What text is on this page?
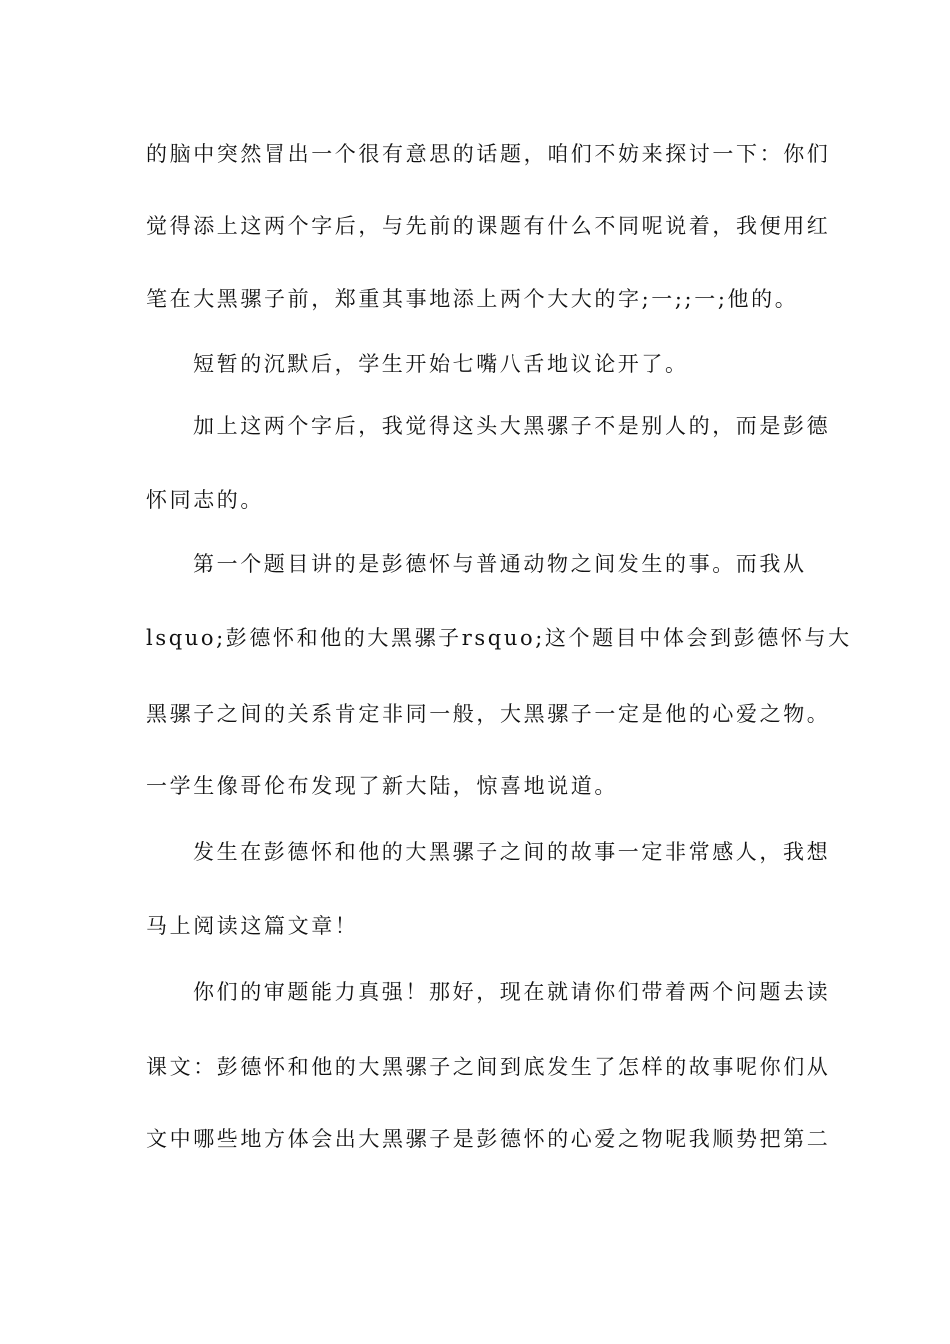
的脑中突然冒出一个很有意思的话题，咱们不妨来探讨一下：你们
觉得添上这两个字后，与先前的课题有什么不同呢说着，我便用红
笔在大黑骡子前，郑重其事地添上两个大大的字;一;;一;他的。
短暂的沉默后，学生开始七嘴八舌地议论开了。
加上这两个字后，我觉得这头大黑骡子不是别人的，而是彭德
怀同志的。
第一个题目讲的是彭德怀与普通动物之间发生的事。而我从
lsquo;彭德怀和他的大黑骡子rsquo;这个题目中体会到彭德怀与大
黑骡子之间的关系肯定非同一般，大黑骡子一定是他的心爱之物。
一学生像哥伦布发现了新大陆，惊喜地说道。
发生在彭德怀和他的大黑骡子之间的故事一定非常感人，我想
马上阅读这篇文章！
你们的审题能力真强！那好，现在就请你们带着两个问题去读
课文：彭德怀和他的大黑骡子之间到底发生了怎样的故事呢你们从
文中哪些地方体会出大黑骡子是彭德怀的心爱之物呢我顺势把第二
